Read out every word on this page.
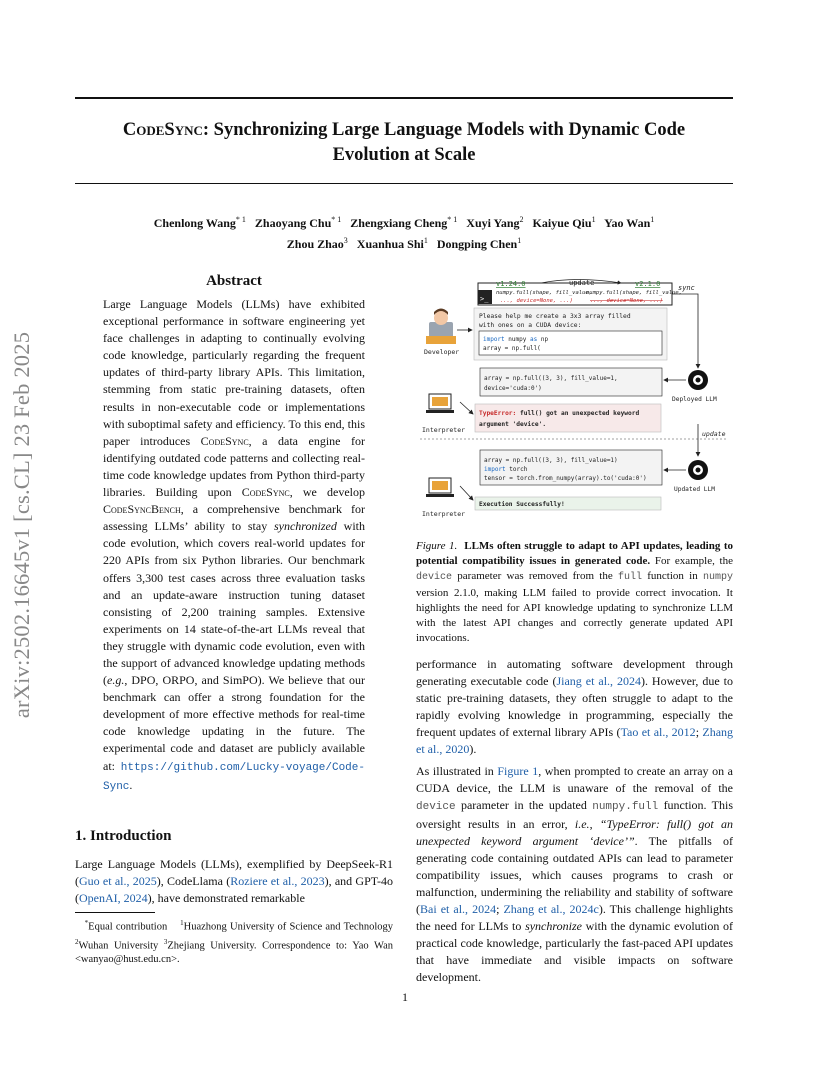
arXiv:2502.16645v1 [cs.CL] 23 Feb 2025
CodeSync: Synchronizing Large Language Models with Dynamic Code
Evolution at Scale
Chenlong Wang$^{* 1}$ Zhaoyang Chu$^{* 1}$ Zhengxiang Cheng$^{* 1}$ Xuyi Yang$^2$ Kaiyue Qiu$^1$ Yao Wan$^1$
Zhou Zhao$^3$ Xuanhua Shi$^1$ Dongping Chen$^1$
Abstract
Large Language Models (LLMs) have exhibited exceptional performance in software engineering yet face challenges in adapting to continually evolving code knowledge, particularly regarding the frequent updates of third-party library APIs. This limitation, stemming from static pre-training datasets, often results in non-executable code or implementations with suboptimal safety and efficiency. To this end, this paper introduces CodeSync, a data engine for identifying outdated code patterns and collecting real-time code knowledge updates from Python third-party libraries. Building upon CodeSync, we develop CodeSyncBench, a comprehensive benchmark for assessing LLMs’ ability to stay synchronized with code evolution, which covers real-world updates for 220 APIs from six Python libraries. Our benchmark offers 3,300 test cases across three evaluation tasks and an update-aware instruction tuning dataset consisting of 2,200 training samples. Extensive experiments on 14 state-of-the-art LLMs reveal that they struggle with dynamic code evolution, even with the support of advanced knowledge updating methods (e.g., DPO, ORPO, and SimPO). We believe that our benchmark can offer a strong foundation for the development of more effective methods for real-time code knowledge updating in the future. The experimental code and dataset are publicly available at: https://github.com/Lucky-voyage/Code-Sync.
1. Introduction
Large Language Models (LLMs), exemplified by DeepSeek-R1 (Guo et al., 2025), CodeLlama (Roziere et al., 2023), and GPT-4o (OpenAI, 2024), have demonstrated remarkable
*Equal contribution $^1$Huazhong University of Science and Technology $^2$Wuhan University $^3$Zhejiang University. Correspondence to: Yao Wan <wanyao@hust.edu.cn>.
v1.24.0	update	v2.1.0
>_
numpy.full(shape, fill_value,
..., device=None, ...)
numpy.full(shape, fill_value,
..., device=None, ...)
sync
Please help me create a 3x3 array filled
with ones on a CUDA device:
import numpy as np
array = np.full(
Developer
array = np.full((3, 3), fill_value=1,
device='cuda:0')
Deployed LLM
Interpreter
TypeError: full() got an unexpected keyword
argument 'device'.
update
array = np.full((3, 3), fill_value=1)
import torch
tensor = torch.from_numpy(array).to('cuda:0')
Updated LLM
Interpreter
Execution Successfully!
Figure 1. LLMs often struggle to adapt to API updates, leading to potential compatibility issues in generated code. For example, the device parameter was removed from the full function in numpy version 2.1.0, making LLM failed to provide correct invocation. It highlights the need for API knowledge updating to synchronize LLM with the latest API changes and correctly generate updated API invocations.
performance in automating software development through generating executable code (Jiang et al., 2024). However, due to static pre-training datasets, they often struggle to adapt to the rapidly evolving knowledge in programming, especially the frequent updates of external library APIs (Tao et al., 2012; Zhang et al., 2020).
As illustrated in Figure 1, when prompted to create an array on a CUDA device, the LLM is unaware of the removal of the device parameter in the updated numpy.full function. This oversight results in an error, i.e., “TypeError: full() got an unexpected keyword argument ‘device’”. The pitfalls of generating code containing outdated APIs can lead to parameter compatibility issues, which causes programs to crash or malfunction, undermining the reliability and stability of software (Bai et al., 2024; Zhang et al., 2024c). This challenge highlights the need for LLMs to synchronize with the dynamic evolution of practical code knowledge, particularly the fast-paced API updates that have immediate and visible impacts on software development.
1
